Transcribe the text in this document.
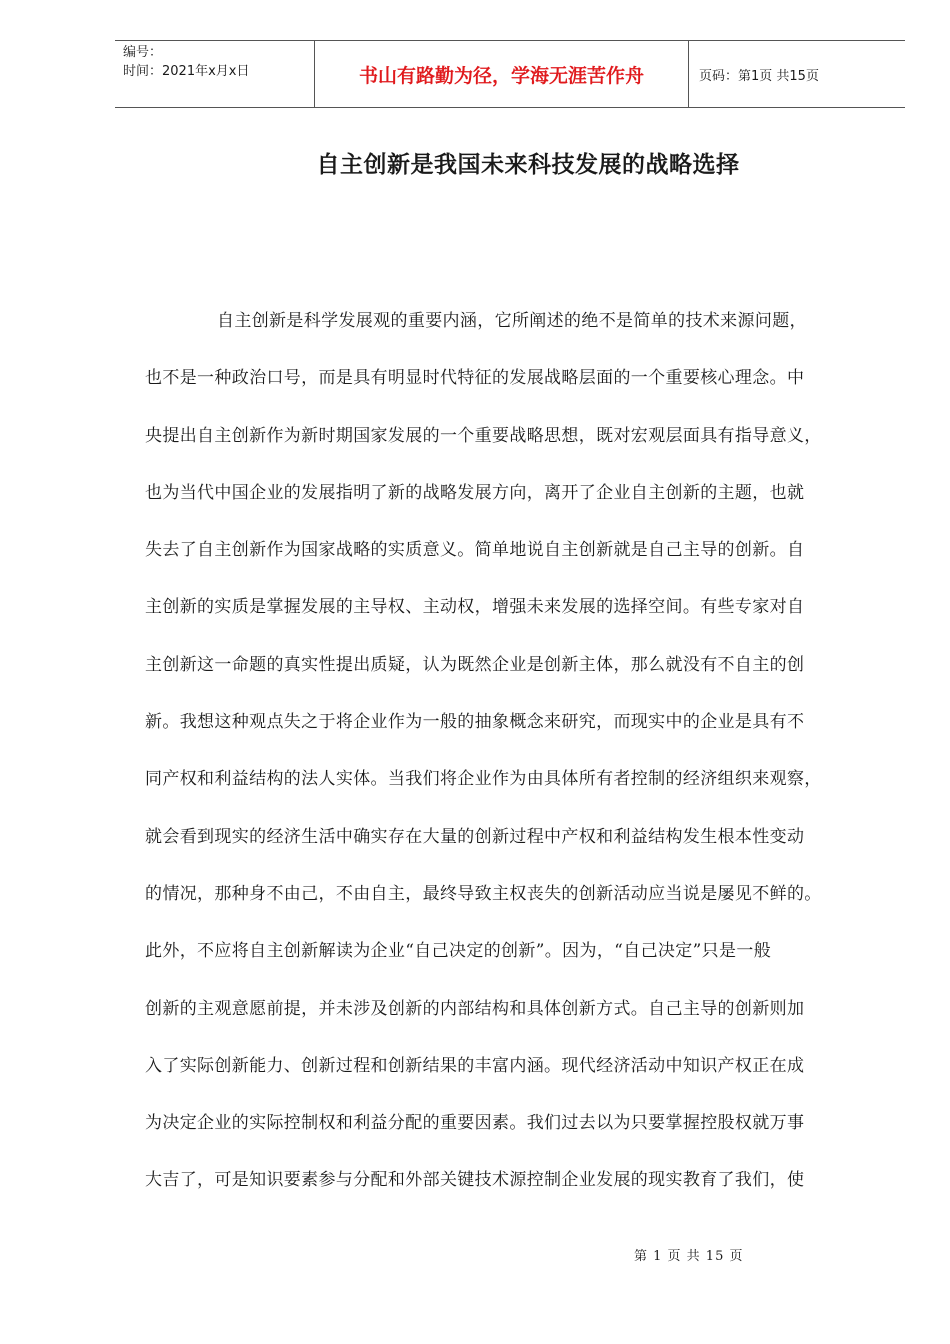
编号：
时间：2021年x月x日	书山有路勤为径，学海无涯苦作舟	页码：第1页 共15页
自主创新是我国未来科技发展的战略选择
自主创新是科学发展观的重要内涵，它所阐述的绝不是简单的技术来源问题，
也不是一种政治口号，而是具有明显时代特征的发展战略层面的一个重要核心理念。中
央提出自主创新作为新时期国家发展的一个重要战略思想，既对宏观层面具有指导意义，
也为当代中国企业的发展指明了新的战略发展方向，离开了企业自主创新的主题，也就
失去了自主创新作为国家战略的实质意义。简单地说自主创新就是自己主导的创新。自
主创新的实质是掌握发展的主导权、主动权，增强未来发展的选择空间。有些专家对自
主创新这一命题的真实性提出质疑，认为既然企业是创新主体，那么就没有不自主的创
新。我想这种观点失之于将企业作为一般的抽象概念来研究，而现实中的企业是具有不
同产权和利益结构的法人实体。当我们将企业作为由具体所有者控制的经济组织来观察，
就会看到现实的经济生活中确实存在大量的创新过程中产权和利益结构发生根本性变动
的情况，那种身不由己，不由自主，最终导致主权丧失的创新活动应当说是屡见不鲜的。
此外，不应将自主创新解读为企业“自己决定的创新”。因为，“自己决定”只是一般
创新的主观意愿前提，并未涉及创新的内部结构和具体创新方式。自己主导的创新则加
入了实际创新能力、创新过程和创新结果的丰富内涵。现代经济活动中知识产权正在成
为决定企业的实际控制权和利益分配的重要因素。我们过去以为只要掌握控股权就万事
大吉了，可是知识要素参与分配和外部关键技术源控制企业发展的现实教育了我们，使
第 1 页 共 15 页
